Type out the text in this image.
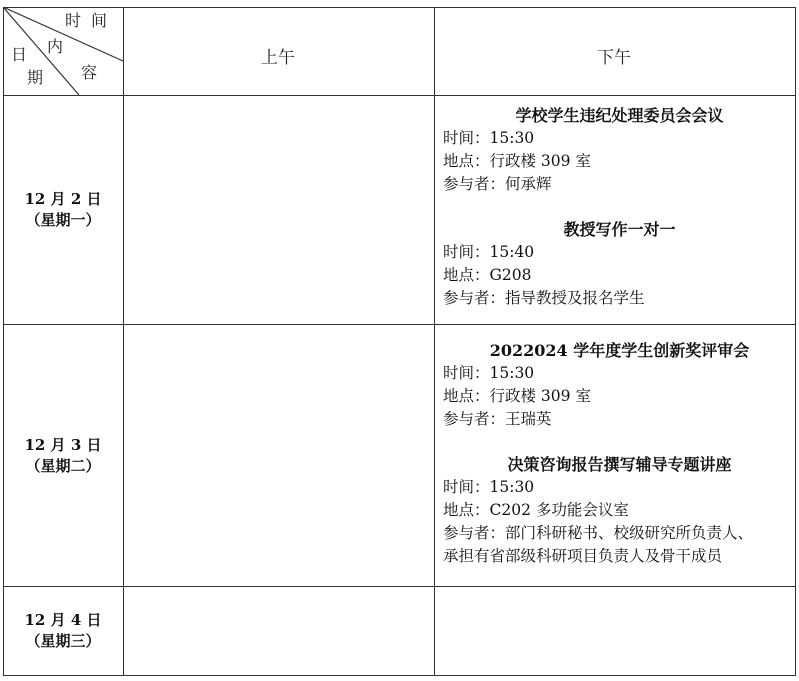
时 间
内
容
日
期
上午	下午
12 月 2 日
（星期一）
学校学生违纪处理委员会会议
时间：15:30
地点：行政楼 309 室
参与者：何承辉
教授写作一对一
时间：15:40
地点：G208
参与者：指导教授及报名学生
12 月 3 日
（星期二）
2022024 学年度学生创新奖评审会
时间：15:30
地点：行政楼 309 室
参与者：王瑞英
决策咨询报告撰写辅导专题讲座
时间：15:30
地点：C202 多功能会议室
参与者：部门科研秘书、校级研究所负责人、
承担有省部级科研项目负责人及骨干成员
12 月 4 日
（星期三）
